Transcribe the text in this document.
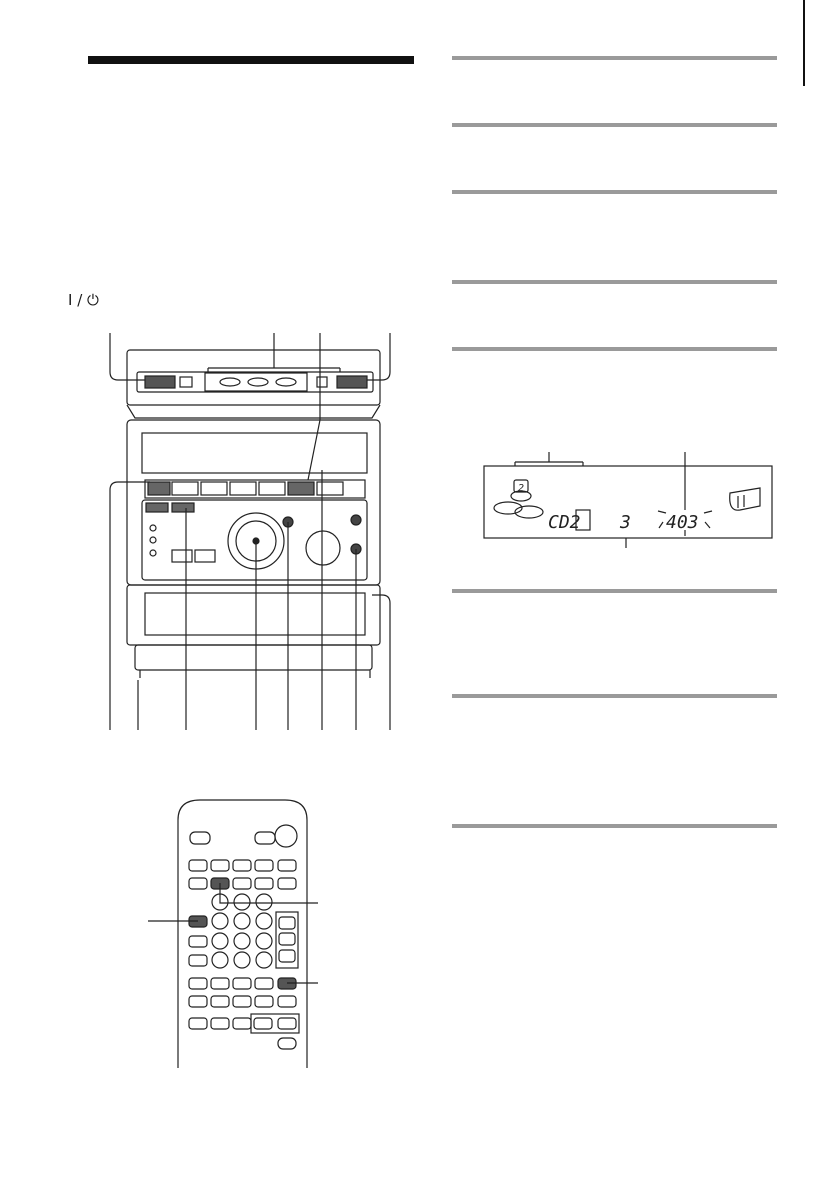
I / ⏻
2
CD2 3 403
